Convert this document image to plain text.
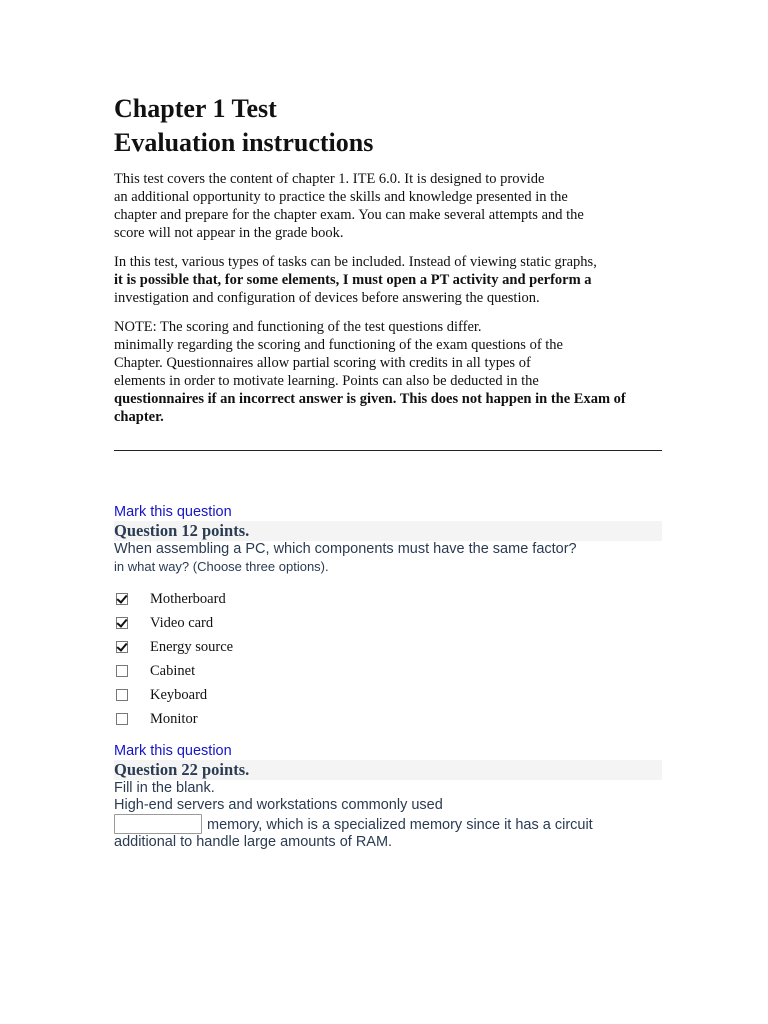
Chapter 1 Test
Evaluation instructions

This test covers the content of chapter 1. ITE 6.0. It is designed to provide
an additional opportunity to practice the skills and knowledge presented in the
chapter and prepare for the chapter exam. You can make several attempts and the
score will not appear in the grade book.

In this test, various types of tasks can be included. Instead of viewing static graphs,
it is possible that, for some elements, I must open a PT activity and perform a
investigation and configuration of devices before answering the question.

NOTE: The scoring and functioning of the test questions differ.
minimally regarding the scoring and functioning of the exam questions of the
Chapter. Questionnaires allow partial scoring with credits in all types of
elements in order to motivate learning. Points can also be deducted in the
questionnaires if an incorrect answer is given. This does not happen in the Exam of
chapter.

Mark this question
Question 12 points.
When assembling a PC, which components must have the same factor?
in what way? (Choose three options).
Motherboard
Video card
Energy source
Cabinet
Keyboard
Monitor
Mark this question
Question 22 points.
Fill in the blank.
High-end servers and workstations commonly used
memory, which is a specialized memory since it has a circuit
additional to handle large amounts of RAM.
